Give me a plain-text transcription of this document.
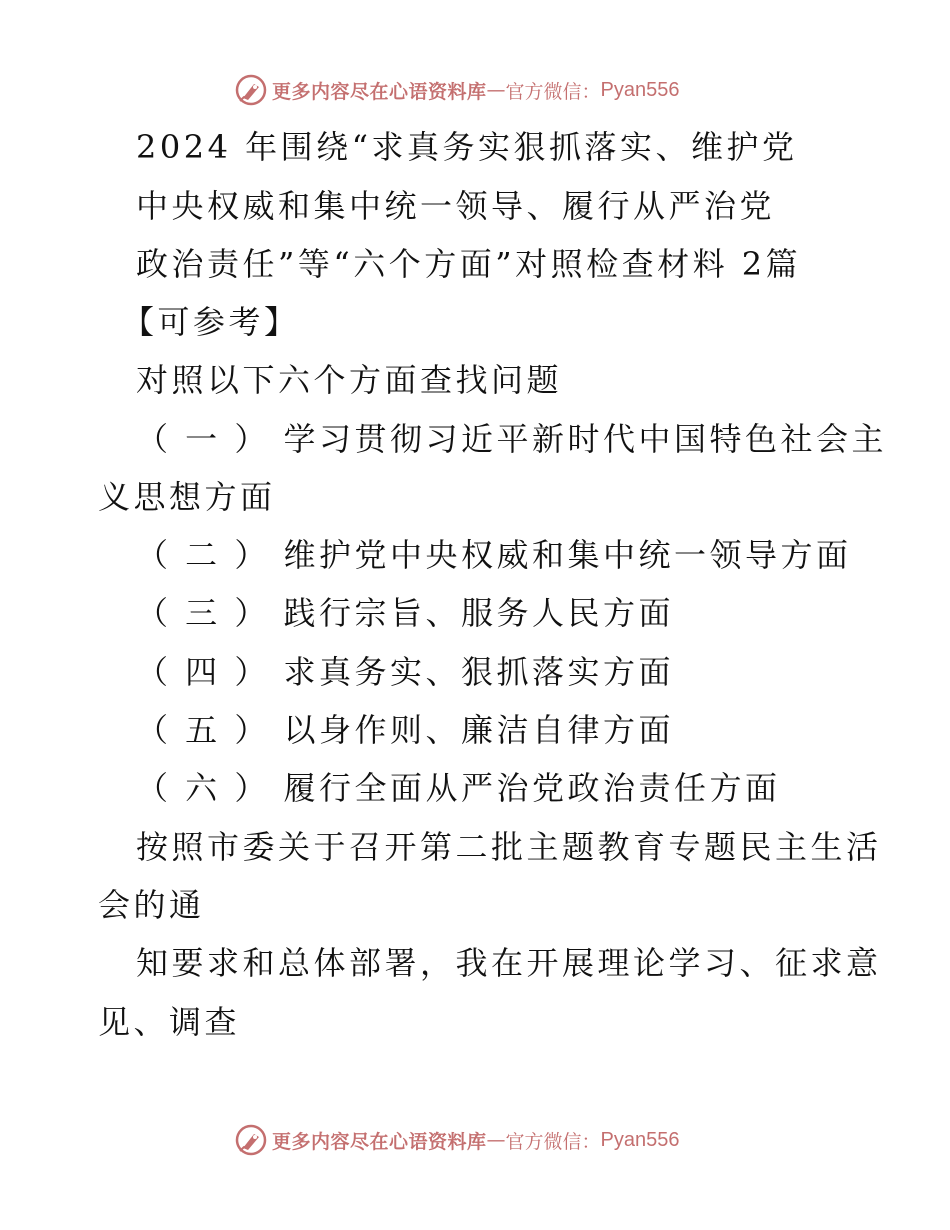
更多内容尽在心语资料库 — 官方微信： Pyan556
2024 年围绕“求真务实狠抓落实、维护党
中央权威和集中统一领导、履行从严治党
政治责任”等“六个方面”对照检查材料 2篇
【可参考】
对照以下六个方面查找问题
（ 一 ） 学习贯彻习近平新时代中国特色社会主
义思想方面
（ 二 ） 维护党中央权威和集中统一领导方面
（ 三 ） 践行宗旨、服务人民方面
（ 四 ） 求真务实、狠抓落实方面
（ 五 ） 以身作则、廉洁自律方面
（ 六 ） 履行全面从严治党政治责任方面
按照市委关于召开第二批主题教育专题民主生活
会的通
知要求和总体部署，我在开展理论学习、征求意
见、调查
更多内容尽在心语资料库 — 官方微信： Pyan556
